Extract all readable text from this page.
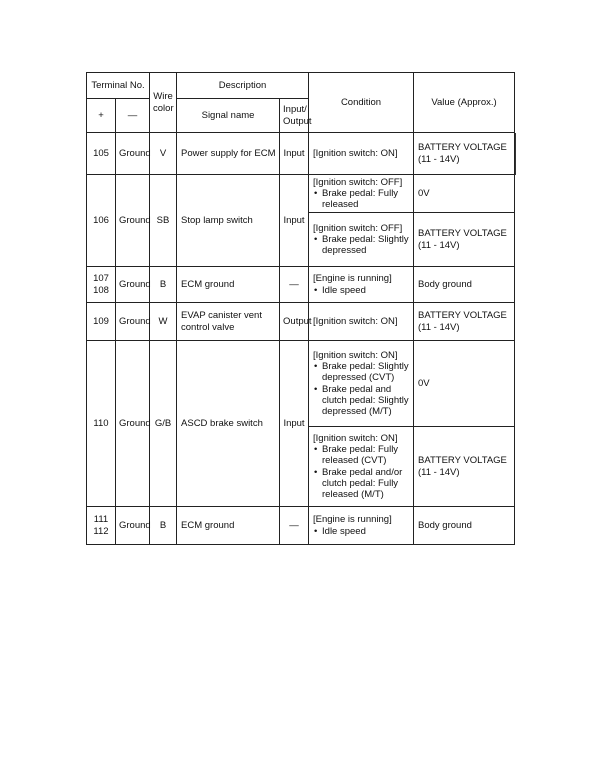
Terminal No.		Wire color	Description		Condition	Value (Approx.)
+	—		Signal name	Input/ Output		
105	Ground	V	Power supply for ECM	Input	[Ignition switch: ON]	BATTERY VOLTAGE (11 - 14V)
106	Ground	SB	Stop lamp switch	Input	[Ignition switch: OFF]
• Brake pedal: Fully released	0V

					[Ignition switch: OFF]
• Brake pedal: Slightly depressed	BATTERY VOLTAGE (11 - 14V)
107 108	Ground	B	ECM ground	—	[Engine is running]
• Idle speed	Body ground
109	Ground	W	EVAP canister vent control valve	Output	[Ignition switch: ON]	BATTERY VOLTAGE (11 - 14V)
110	Ground	G/B	ASCD brake switch	Input	[Ignition switch: ON]
• Brake pedal: Slightly depressed (CVT)
• Brake pedal and clutch pedal: Slightly depressed (M/T)	0V

					[Ignition switch: ON]
• Brake pedal: Fully released (CVT)
• Brake pedal and/or clutch pedal: Fully released (M/T)	BATTERY VOLTAGE (11 - 14V)
111 112	Ground	B	ECM ground	—	[Engine is running]
• Idle speed	Body ground
